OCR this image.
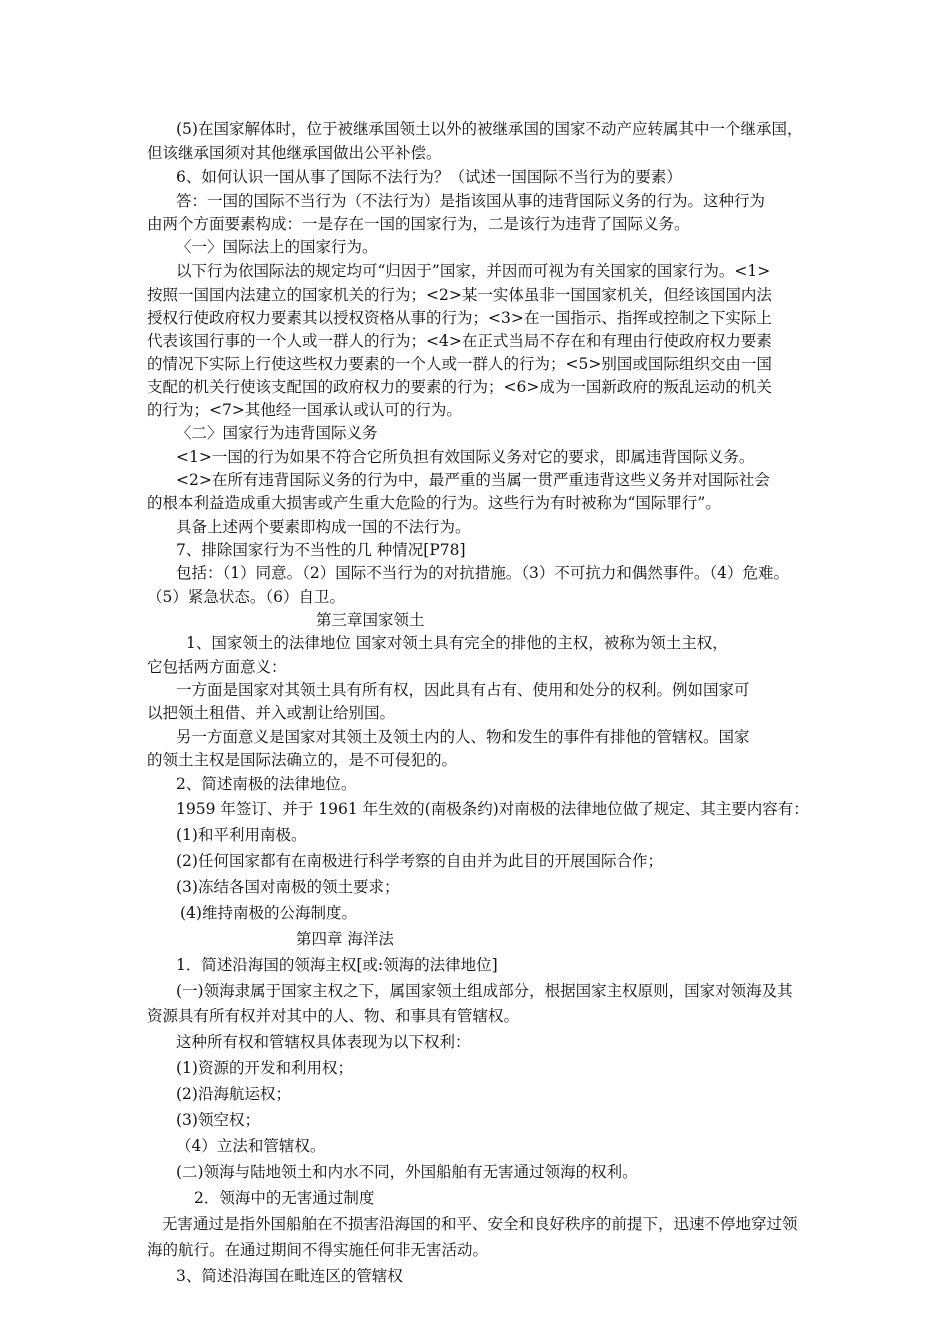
(5)在国家解体时，位于被继承国领土以外的被继承国的国家不动产应转属其中一个继承国，
但该继承国须对其他继承国做出公平补偿。
6、如何认识一国从事了国际不法行为？（试述一国国际不当行为的要素）
答：一国的国际不当行为（不法行为）是指该国从事的违背国际义务的行为。这种行为
由两个方面要素构成：一是存在一国的国家行为，二是该行为违背了国际义务。
〈一〉国际法上的国家行为。
以下行为依国际法的规定均可“归因于”国家，并因而可视为有关国家的国家行为。<1>
按照一国国内法建立的国家机关的行为；<2>某一实体虽非一国国家机关，但经该国国内法
授权行使政府权力要素其以授权资格从事的行为；<3>在一国指示、指挥或控制之下实际上
代表该国行事的一个人或一群人的行为；<4>在正式当局不存在和有理由行使政府权力要素
的情况下实际上行使这些权力要素的一个人或一群人的行为；<5>别国或国际组织交由一国
支配的机关行使该支配国的政府权力的要素的行为；<6>成为一国新政府的叛乱运动的机关
的行为；<7>其他经一国承认或认可的行为。
〈二〉国家行为违背国际义务
<1>一国的行为如果不符合它所负担有效国际义务对它的要求，即属违背国际义务。
<2>在所有违背国际义务的行为中，最严重的当属一贯严重违背这些义务并对国际社会
的根本利益造成重大损害或产生重大危险的行为。这些行为有时被称为“国际罪行”。
具备上述两个要素即构成一国的不法行为。
7、排除国家行为不当性的几 种情况[P78]
包括：（1）同意。（2）国际不当行为的对抗措施。（3）不可抗力和偶然事件。（4）危难。
（5）紧急状态。（6）自卫。
第三章国家领土
1、国家领土的法律地位 国家对领土具有完全的排他的主权，被称为领土主权，
它包括两方面意义：
一方面是国家对其领土具有所有权，因此具有占有、使用和处分的权利。例如国家可
以把领土租借、并入或割让给别国。
另一方面意义是国家对其领土及领土内的人、物和发生的事件有排他的管辖权。国家
的领土主权是国际法确立的，是不可侵犯的。
2、简述南极的法律地位。
1959 年签订、并于 1961 年生效的(南极条约)对南极的法律地位做了规定、其主要内容有：
(1)和平利用南极。
(2)任何国家都有在南极进行科学考察的自由并为此目的开展国际合作；
(3)冻结各国对南极的领土要求；
(4)维持南极的公海制度。
第四章 海洋法
1．简述沿海国的领海主权[或:领海的法律地位]
(一)领海隶属于国家主权之下，属国家领土组成部分，根据国家主权原则，国家对领海及其
资源具有所有权并对其中的人、物、和事具有管辖权。
这种所有权和管辖权具体表现为以下权利：
(1)资源的开发和利用权；
(2)沿海航运权；
(3)领空权；
（4）立法和管辖权。
(二)领海与陆地领土和内水不同，外国船舶有无害通过领海的权利。
2．领海中的无害通过制度
无害通过是指外国船舶在不损害沿海国的和平、安全和良好秩序的前提下，迅速不停地穿过领
海的航行。在通过期间不得实施任何非无害活动。
3、简述沿海国在毗连区的管辖权
